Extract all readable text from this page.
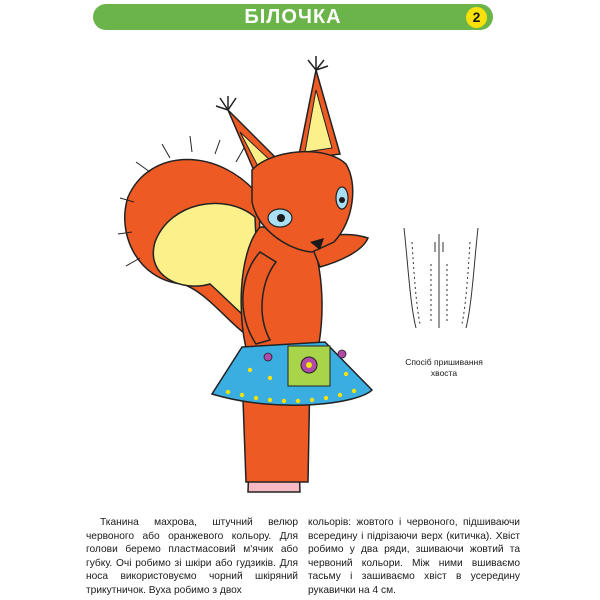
БІЛОЧКА	2
Спосіб пришивання
хвоста
Тканина махрова, штучний велюр червоного або оранжевого кольору. Для голови беремо пластмасовий м'ячик або губку. Очі робимо зі шкіри або гудзиків. Для носа використовуємо чорний шкіряний трикутничок. Вуха робимо з двох
кольорів: жовтого і червоного, підшиваючи всередину і підрізаючи верх (китичка). Хвіст робимо у два ряди, зшиваючи жовтий та червоний кольори. Між ними вшиваємо тасьму і зашиваємо хвіст в усередину рукавички на 4 см.
